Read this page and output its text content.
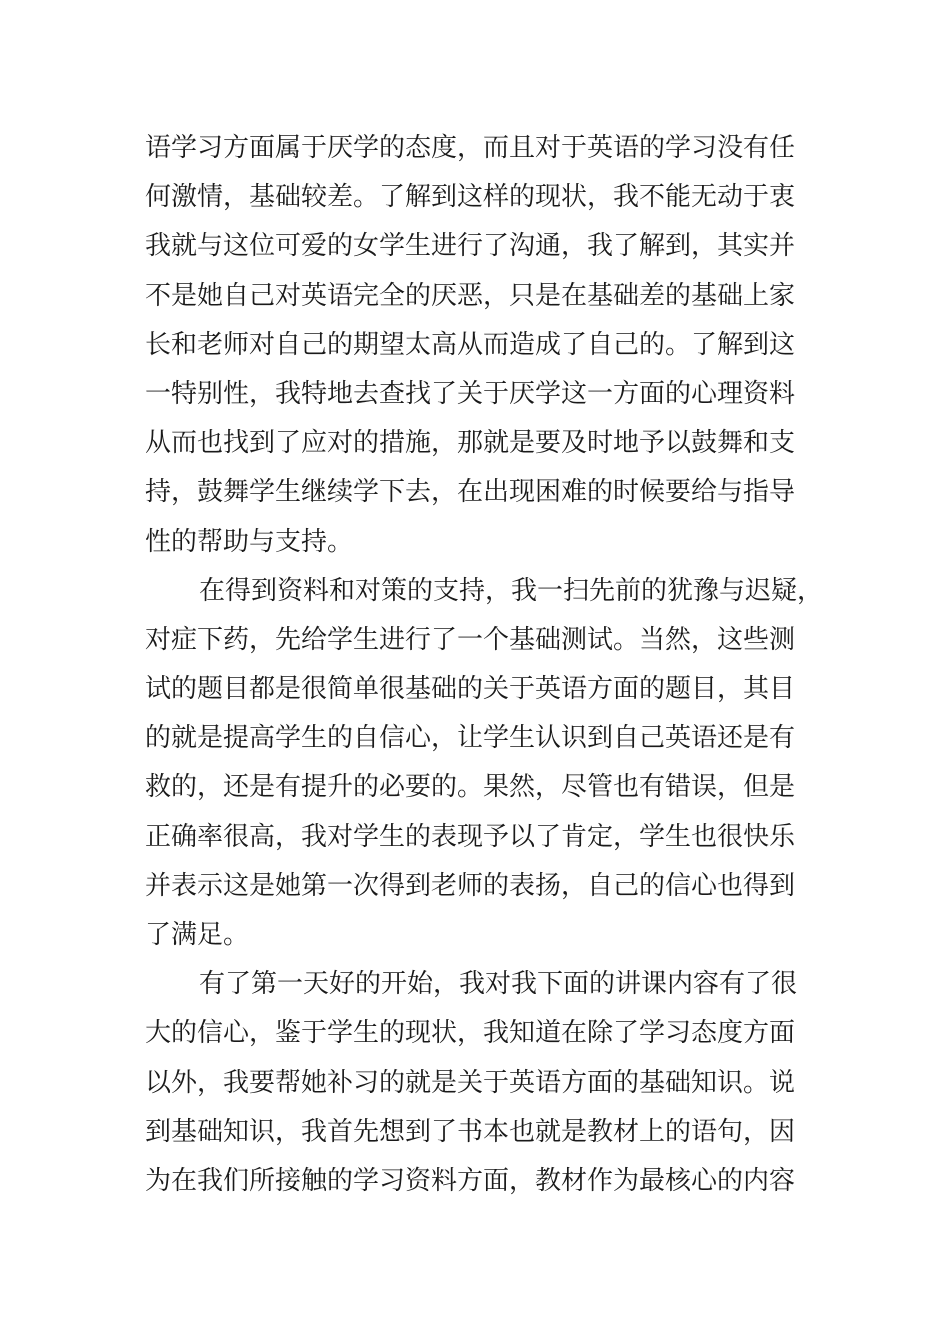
语学习方面属于厌学的态度，而且对于英语的学习没有任
何激情，基础较差。了解到这样的现状，我不能无动于衷
我就与这位可爱的女学生进行了沟通，我了解到，其实并
不是她自己对英语完全的厌恶，只是在基础差的基础上家
长和老师对自己的期望太高从而造成了自己的。了解到这
一特别性，我特地去查找了关于厌学这一方面的心理资料
从而也找到了应对的措施，那就是要及时地予以鼓舞和支
持，鼓舞学生继续学下去，在出现困难的时候要给与指导
性的帮助与支持。
在得到资料和对策的支持，我一扫先前的犹豫与迟疑，
对症下药，先给学生进行了一个基础测试。当然，这些测
试的题目都是很简单很基础的关于英语方面的题目，其目
的就是提高学生的自信心，让学生认识到自己英语还是有
救的，还是有提升的必要的。果然，尽管也有错误，但是
正确率很高，我对学生的表现予以了肯定，学生也很快乐
并表示这是她第一次得到老师的表扬，自己的信心也得到
了满足。
有了第一天好的开始，我对我下面的讲课内容有了很
大的信心，鉴于学生的现状，我知道在除了学习态度方面
以外，我要帮她补习的就是关于英语方面的基础知识。说
到基础知识，我首先想到了书本也就是教材上的语句，因
为在我们所接触的学习资料方面，教材作为最核心的内容
